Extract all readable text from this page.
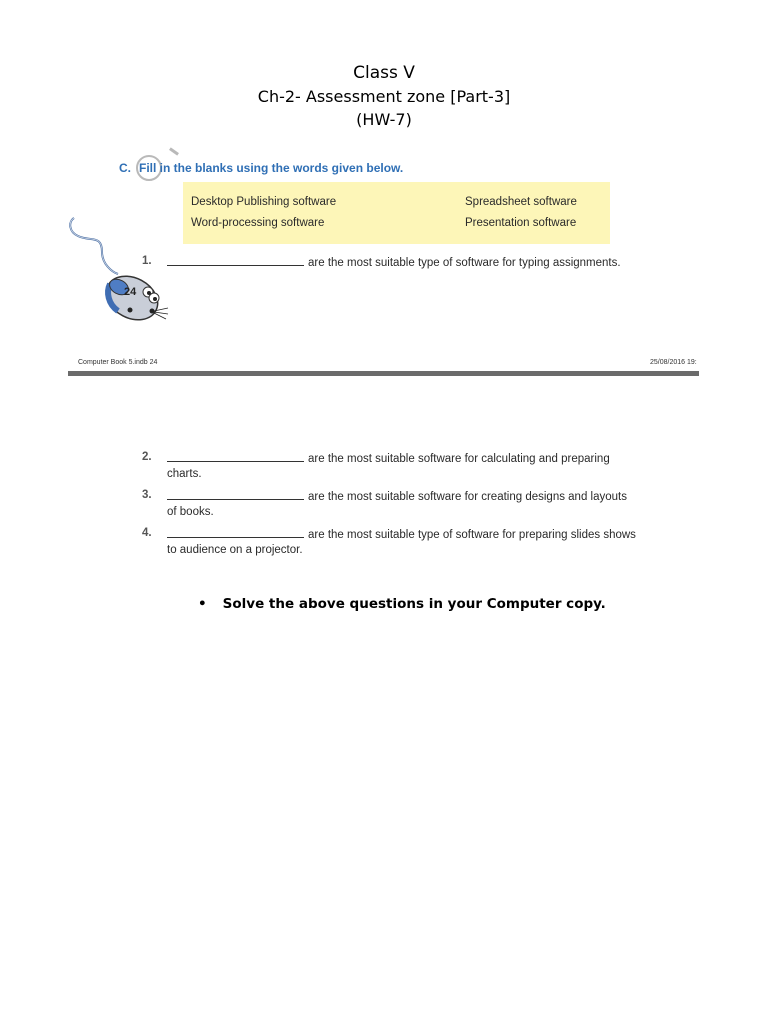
Class V
Ch-2- Assessment zone [Part-3]
(HW-7)
C. Fill in the blanks using the words given below.
Desktop Publishing software	Spreadsheet software
Word-processing software	Presentation software
24
1.	are the most suitable type of software for typing assignments.
Computer Book 5.indb 24	25/08/2016 19:
2.	are the most suitable software for calculating and preparing
charts.
3.	are the most suitable software for creating designs and layouts
of books.
4.	are the most suitable type of software for preparing slides shows
to audience on a projector.
• Solve the above questions in your Computer copy.
